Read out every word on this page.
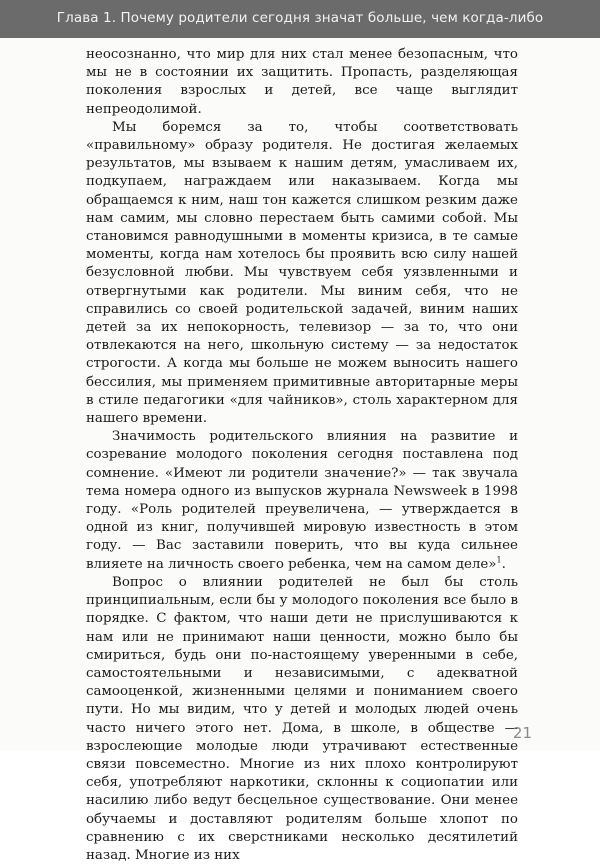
Глава 1. Почему родители сегодня значат больше, чем когда-либо

неосознанно, что мир для них стал менее безопасным, что мы не в состоянии их защитить. Пропасть, разделяющая поколения взрослых и детей, все чаще выглядит непреодолимой.

Мы боремся за то, чтобы соответствовать «правильному» образу родителя. Не достигая желаемых результатов, мы взываем к нашим детям, умасливаем их, подкупаем, награждаем или наказываем. Когда мы обращаемся к ним, наш тон кажется слишком резким даже нам самим, мы словно перестаем быть самими собой. Мы становимся равнодушными в моменты кризиса, в те самые моменты, когда нам хотелось бы проявить всю силу нашей безусловной любви. Мы чувствуем себя уязвленными и отвергнутыми как родители. Мы виним себя, что не справились со своей родительской задачей, виним наших детей за их непокорность, телевизор — за то, что они отвлекаются на него, школьную систему — за недостаток строгости. А когда мы больше не можем выносить нашего бессилия, мы применяем примитивные авторитарные меры в стиле педагогики «для чайников», столь характерном для нашего времени.

Значимость родительского влияния на развитие и созревание молодого поколения сегодня поставлена под сомнение. «Имеют ли родители значение?» — так звучала тема номера одного из выпусков журнала Newsweek в 1998 году. «Роль родителей преувеличена, — утверждается в одной из книг, получившей мировую известность в этом году. — Вас заставили поверить, что вы куда сильнее влияете на личность своего ребенка, чем на самом деле»$^1$.

Вопрос о влиянии родителей не был бы столь принципиальным, если бы у молодого поколения все было в порядке. С фактом, что наши дети не прислушиваются к нам или не принимают наши ценности, можно было бы смириться, будь они по-настоящему уверенными в себе, самостоятельными и независимыми, с адекватной самооценкой, жизненными целями и пониманием своего пути. Но мы видим, что у детей и молодых людей очень часто ничего этого нет. Дома, в школе, в обществе — взрослеющие молодые люди утрачивают естественные связи повсеместно. Многие из них плохо контролируют себя, употребляют наркотики, склонны к социопатии или насилию либо ведут бесцельное существование. Они менее обучаемы и доставляют родителям больше хлопот по сравнению с их сверстниками несколько десятилетий назад. Многие из них

21
